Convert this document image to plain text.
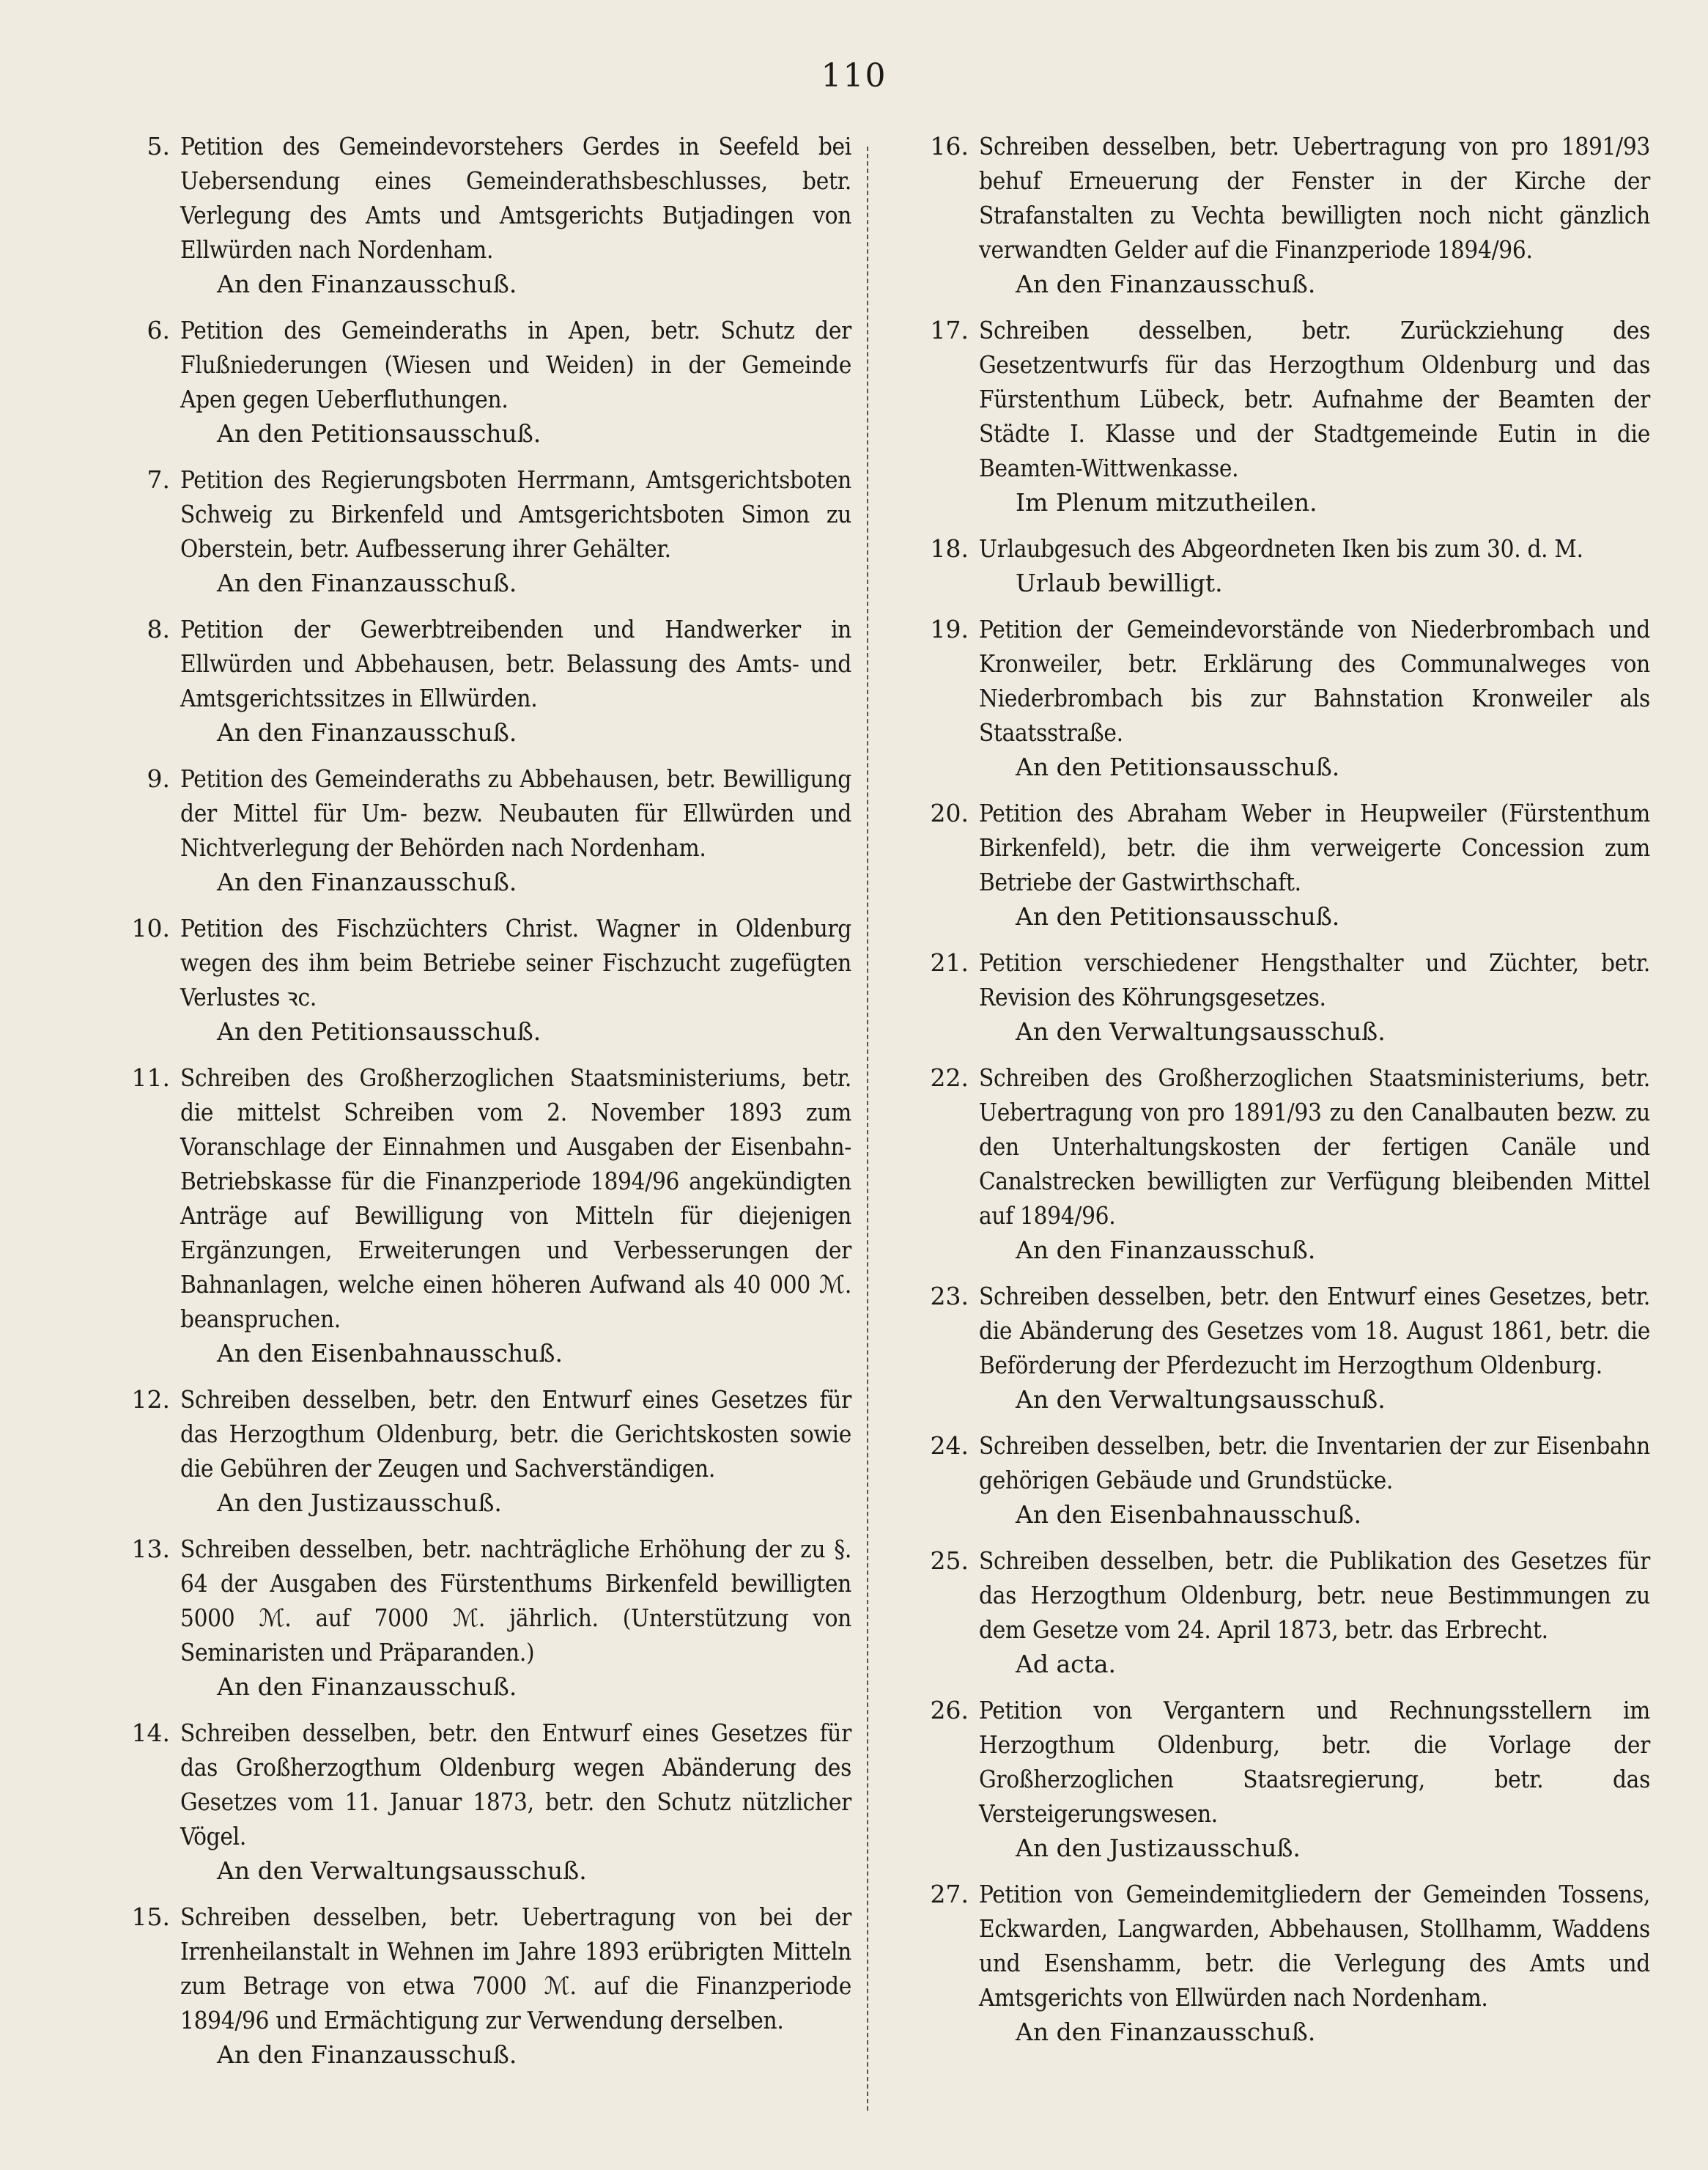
110
5. Petition des Gemeindevorstehers Gerdes in Seefeld bei Uebersendung eines Gemeinderathsbeschlusses, betr. Verlegung des Amts und Amtsgerichts Butjadingen von Ellwürden nach Nordenham.
An den Finanzausschuß.
6. Petition des Gemeinderaths in Apen, betr. Schutz der Flußniederungen (Wiesen und Weiden) in der Gemeinde Apen gegen Ueberfluthungen.
An den Petitionsausschuß.
7. Petition des Regierungsboten Herrmann, Amtsgerichtsboten Schweig zu Birkenfeld und Amtsgerichtsboten Simon zu Oberstein, betr. Aufbesserung ihrer Gehälter.
An den Finanzausschuß.
8. Petition der Gewerbtreibenden und Handwerker in Ellwürden und Abbehausen, betr. Belassung des Amts- und Amtsgerichtssitzes in Ellwürden.
An den Finanzausschuß.
9. Petition des Gemeinderaths zu Abbehausen, betr. Bewilligung der Mittel für Um- bezw. Neubauten für Ellwürden und Nichtverlegung der Behörden nach Nordenham.
An den Finanzausschuß.
10. Petition des Fischzüchters Christ. Wagner in Oldenburg wegen des ihm beim Betriebe seiner Fischzucht zugefügten Verlustes ꝛc.
An den Petitionsausschuß.
11. Schreiben des Großherzoglichen Staatsministeriums, betr. die mittelst Schreiben vom 2. November 1893 zum Voranschlage der Einnahmen und Ausgaben der Eisenbahn-Betriebskasse für die Finanzperiode 1894/96 angekündigten Anträge auf Bewilligung von Mitteln für diejenigen Ergänzungen, Erweiterungen und Verbesserungen der Bahnanlagen, welche einen höheren Aufwand als 40 000 ℳ. beanspruchen.
An den Eisenbahnausschuß.
12. Schreiben desselben, betr. den Entwurf eines Gesetzes für das Herzogthum Oldenburg, betr. die Gerichtskosten sowie die Gebühren der Zeugen und Sachverständigen.
An den Justizausschuß.
13. Schreiben desselben, betr. nachträgliche Erhöhung der zu §. 64 der Ausgaben des Fürstenthums Birkenfeld bewilligten 5000 ℳ. auf 7000 ℳ. jährlich. (Unterstützung von Seminaristen und Präparanden.)
An den Finanzausschuß.
14. Schreiben desselben, betr. den Entwurf eines Gesetzes für das Großherzogthum Oldenburg wegen Abänderung des Gesetzes vom 11. Januar 1873, betr. den Schutz nützlicher Vögel.
An den Verwaltungsausschuß.
15. Schreiben desselben, betr. Uebertragung von bei der Irrenheilanstalt in Wehnen im Jahre 1893 erübrigten Mitteln zum Betrage von etwa 7000 ℳ. auf die Finanzperiode 1894/96 und Ermächtigung zur Verwendung derselben.
An den Finanzausschuß.
16. Schreiben desselben, betr. Uebertragung von pro 1891/93 behuf Erneuerung der Fenster in der Kirche der Strafanstalten zu Vechta bewilligten noch nicht gänzlich verwandten Gelder auf die Finanzperiode 1894/96.
An den Finanzausschuß.
17. Schreiben desselben, betr. Zurückziehung des Gesetzentwurfs für das Herzogthum Oldenburg und das Fürstenthum Lübeck, betr. Aufnahme der Beamten der Städte I. Klasse und der Stadtgemeinde Eutin in die Beamten-Wittwenkasse.
Im Plenum mitzutheilen.
18. Urlaubgesuch des Abgeordneten Iken bis zum 30. d. M.
Urlaub bewilligt.
19. Petition der Gemeindevorstände von Niederbrombach und Kronweiler, betr. Erklärung des Communalweges von Niederbrombach bis zur Bahnstation Kronweiler als Staatsstraße.
An den Petitionsausschuß.
20. Petition des Abraham Weber in Heupweiler (Fürstenthum Birkenfeld), betr. die ihm verweigerte Concession zum Betriebe der Gastwirthschaft.
An den Petitionsausschuß.
21. Petition verschiedener Hengsthalter und Züchter, betr. Revision des Köhrungsgesetzes.
An den Verwaltungsausschuß.
22. Schreiben des Großherzoglichen Staatsministeriums, betr. Uebertragung von pro 1891/93 zu den Canalbauten bezw. zu den Unterhaltungskosten der fertigen Canäle und Canalstrecken bewilligten zur Verfügung bleibenden Mittel auf 1894/96.
An den Finanzausschuß.
23. Schreiben desselben, betr. den Entwurf eines Gesetzes, betr. die Abänderung des Gesetzes vom 18. August 1861, betr. die Beförderung der Pferdezucht im Herzogthum Oldenburg.
An den Verwaltungsausschuß.
24. Schreiben desselben, betr. die Inventarien der zur Eisenbahn gehörigen Gebäude und Grundstücke.
An den Eisenbahnausschuß.
25. Schreiben desselben, betr. die Publikation des Gesetzes für das Herzogthum Oldenburg, betr. neue Bestimmungen zu dem Gesetze vom 24. April 1873, betr. das Erbrecht.
Ad acta.
26. Petition von Vergantern und Rechnungsstellern im Herzogthum Oldenburg, betr. die Vorlage der Großherzoglichen Staatsregierung, betr. das Versteigerungswesen.
An den Justizausschuß.
27. Petition von Gemeindemitgliedern der Gemeinden Tossens, Eckwarden, Langwarden, Abbehausen, Stollhamm, Waddens und Esenshamm, betr. die Verlegung des Amts und Amtsgerichts von Ellwürden nach Nordenham.
An den Finanzausschuß.
